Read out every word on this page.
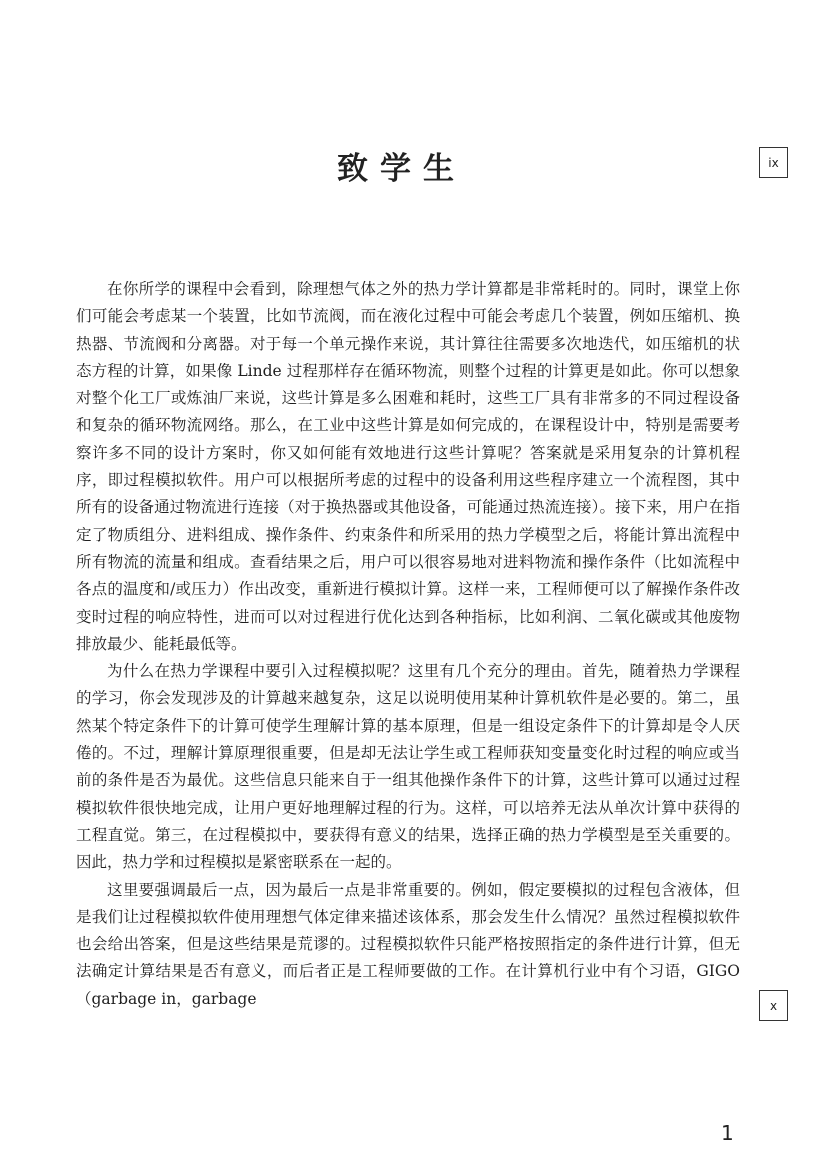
致学生	ix

在你所学的课程中会看到，除理想气体之外的热力学计算都是非常耗时的。同时，课堂上你们可能会考虑某一个装置，比如节流阀，而在液化过程中可能会考虑几个装置，例如压缩机、换热器、节流阀和分离器。对于每一个单元操作来说，其计算往往需要多次地迭代，如压缩机的状态方程的计算，如果像 Linde 过程那样存在循环物流，则整个过程的计算更是如此。你可以想象对整个化工厂或炼油厂来说，这些计算是多么困难和耗时，这些工厂具有非常多的不同过程设备和复杂的循环物流网络。那么，在工业中这些计算是如何完成的，在课程设计中，特别是需要考察许多不同的设计方案时，你又如何能有效地进行这些计算呢？答案就是采用复杂的计算机程序，即过程模拟软件。用户可以根据所考虑的过程中的设备利用这些程序建立一个流程图，其中所有的设备通过物流进行连接（对于换热器或其他设备，可能通过热流连接）。接下来，用户在指定了物质组分、进料组成、操作条件、约束条件和所采用的热力学模型之后，将能计算出流程中所有物流的流量和组成。查看结果之后，用户可以很容易地对进料物流和操作条件（比如流程中各点的温度和/或压力）作出改变，重新进行模拟计算。这样一来，工程师便可以了解操作条件改变时过程的响应特性，进而可以对过程进行优化达到各种指标，比如利润、二氧化碳或其他废物排放最少、能耗最低等。

为什么在热力学课程中要引入过程模拟呢？这里有几个充分的理由。首先，随着热力学课程的学习，你会发现涉及的计算越来越复杂，这足以说明使用某种计算机软件是必要的。第二，虽然某个特定条件下的计算可使学生理解计算的基本原理，但是一组设定条件下的计算却是令人厌倦的。不过，理解计算原理很重要，但是却无法让学生或工程师获知变量变化时过程的响应或当前的条件是否为最优。这些信息只能来自于一组其他操作条件下的计算，这些计算可以通过过程模拟软件很快地完成，让用户更好地理解过程的行为。这样，可以培养无法从单次计算中获得的工程直觉。第三，在过程模拟中，要获得有意义的结果，选择正确的热力学模型是至关重要的。因此，热力学和过程模拟是紧密联系在一起的。

这里要强调最后一点，因为最后一点是非常重要的。例如，假定要模拟的过程包含液体，但是我们让过程模拟软件使用理想气体定律来描述该体系，那会发生什么情况？虽然过程模拟软件也会给出答案，但是这些结果是荒谬的。过程模拟软件只能严格按照指定的条件进行计算，但无法确定计算结果是否有意义，而后者正是工程师要做的工作。在计算机行业中有个习语，GIGO（garbage in，garbage	x
1
